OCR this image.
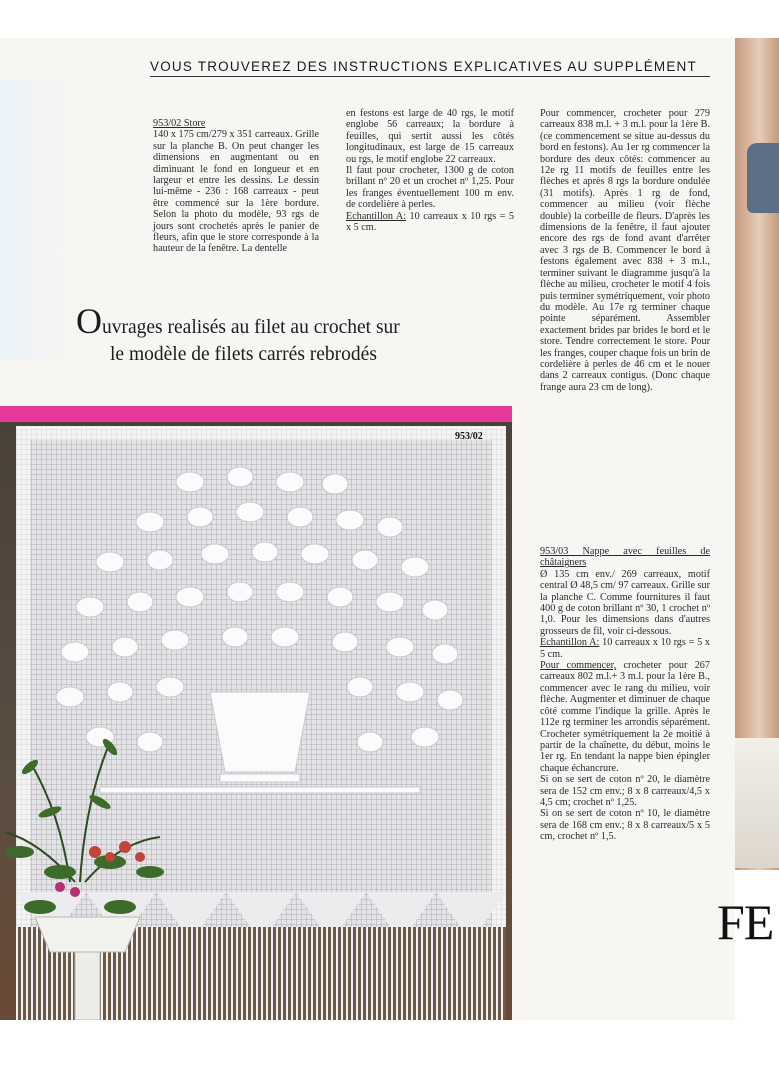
VOUS TROUVEREZ DES INSTRUCTIONS EXPLICATIVES AU SUPPLÉMENT

953/02 Store

140 x 175 cm/279 x 351 carreaux. Grille sur la planche B. On peut changer les dimensions en augmentant ou en diminuant le fond en longueur et en largeur et entre les dessins. Le dessin lui-même - 236 : 168 carreaux - peut être commencé sur la 1ère bordure. Selon la photo du modèle, 93 rgs de jours sont crochetés après le panier de fleurs, afin que le store corresponde à la hauteur de la fenêtre. La dentelle

en festons est large de 40 rgs, le motif englobe 56 carreaux; la bordure à feuilles, qui sertit aussi les côtés longitudinaux, est large de 15 carreaux ou rgs, le motif englobe 22 carreaux.

Il faut pour crocheter, 1300 g de coton brillant nº 20 et un crochet nº 1,25. Pour les franges éventuellement 100 m env. de cordelière à perles.

Echantillon A: 10 carreaux x 10 rgs = 5 x 5 cm.

Pour commencer, crocheter pour 279 carreaux 838 m.l. + 3 m.l. pour la 1ère B. (ce commencement se situe au-dessus du bord en festons). Au 1er rg commencer la bordure des deux côtés: commencer au 12e rg 11 motifs de feuilles entre les flèches et après 8 rgs la bordure ondulée (31 motifs). Après 1 rg de fond, commencer au milieu (voir flèche double) la corbeille de fleurs. D'après les dimensions de la fenêtre, il faut ajouter encore des rgs de fond avant d'arrêter avec 3 rgs de B. Commencer le bord à festons également avec 838 + 3 m.l., terminer suivant le diagramme jusqu'à la flèche au milieu, crocheter le motif 4 fois puis terminer symétriquement, voir photo du modèle. Au 17e rg terminer chaque pointe séparément. Assembler exactement brides par brides le bord et le store. Tendre correctement le store. Pour les franges, couper chaque fois un brin de cordelière à perles de 46 cm et le nouer dans 2 carreaux contigus. (Donc chaque frange aura 23 cm de long).

953/03 Nappe avec feuilles de châtaigners

Ø 135 cm env./ 269 carreaux, motif central Ø 48,5 cm/ 97 carreaux. Grille sur la planche C. Comme fournitures il faut 400 g de coton brillant nº 30, 1 crochet nº 1,0. Pour les dimensions dans d'autres grosseurs de fil, voir ci-dessous.

Echantillon A: 10 carreaux x 10 rgs = 5 x 5 cm.

Pour commencer, crocheter pour 267 carreaux 802 m.l.+ 3 m.l. pour la 1ère B., commencer avec le rang du milieu, voir flèche. Augmenter et diminuer de chaque côté comme l'indique la grille. Après le 112e rg terminer les arrondis séparément. Crocheter symétriquement la 2e moitié à partir de la chaînette, du début, moins le 1er rg. En tendant la nappe bien épingler chaque échancrure.

Si on se sert de coton nº 20, le diamètre sera de 152 cm env.; 8 x 8 carreaux/4,5 x 4,5 cm; crochet nº 1,25.

Si on se sert de coton nº 10, le diamètre sera de 168 cm env.; 8 x 8 carreaux/5 x 5 cm, crochet nº 1,5.

Ouvrages realisés au filet au crochet sur
le modèle de filets carrés rebrodés
953/02
FE
